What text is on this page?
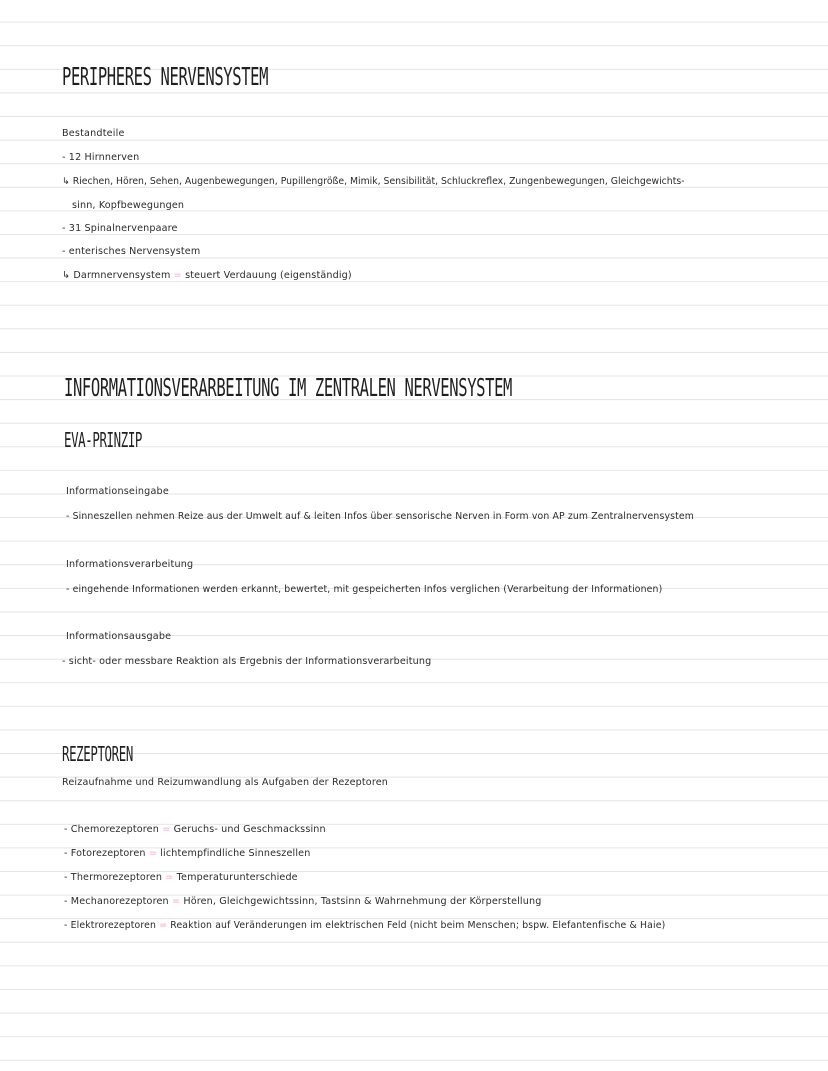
PERIPHERES NERVENSYSTEM
Bestandteile
- 12 Hirnnerven
↳ Riechen, Hören, Sehen, Augenbewegungen, Pupillengröße, Mimik, Sensibilität, Schluckreflex, Zungenbewegungen, Gleichgewichts-
sinn, Kopfbewegungen
- 31 Spinalnervenpaare
- enterisches Nervensystem
↳ Darmnervensystem = steuert Verdauung (eigenständig)
INFORMATIONSVERARBEITUNG IM ZENTRALEN NERVENSYSTEM
EVA-PRINZIP
Informationseingabe
- Sinneszellen nehmen Reize aus der Umwelt auf & leiten Infos über sensorische Nerven in Form von AP zum Zentralnervensystem
Informationsverarbeitung
- eingehende Informationen werden erkannt, bewertet, mit gespeicherten Infos verglichen (Verarbeitung der Informationen)
Informationsausgabe
- sicht- oder messbare Reaktion als Ergebnis der Informationsverarbeitung
REZEPTOREN
Reizaufnahme und Reizumwandlung als Aufgaben der Rezeptoren
- Chemorezeptoren = Geruchs- und Geschmackssinn
- Fotorezeptoren = lichtempfindliche Sinneszellen
- Thermorezeptoren = Temperaturunterschiede
- Mechanorezeptoren = Hören, Gleichgewichtssinn, Tastsinn & Wahrnehmung der Körperstellung
- Elektrorezeptoren = Reaktion auf Veränderungen im elektrischen Feld (nicht beim Menschen; bspw. Elefantenfische & Haie)
